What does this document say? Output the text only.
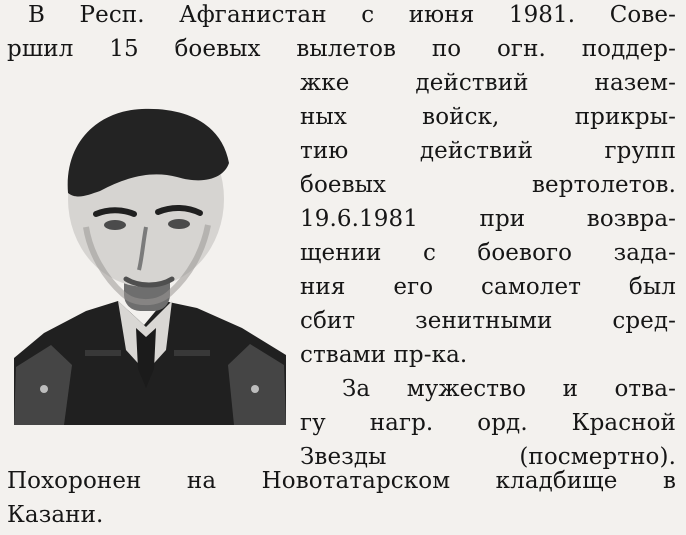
В Респ. Афганистан с июня 1981. Сове-
ршил 15 боевых вылетов по огн. поддер-
жке действий назем-
ных войск, прикры-
тию действий групп
боевых вертолетов.
19.6.1981 при возвра-
щении с боевого зада-
ния его самолет был
сбит зенитными сред-
ствами пр-ка.
За мужество и отва-
гу нагр. орд. Красной
Звезды (посмертно).
Похоронен на Новотатарском кладбище в
Казани.
